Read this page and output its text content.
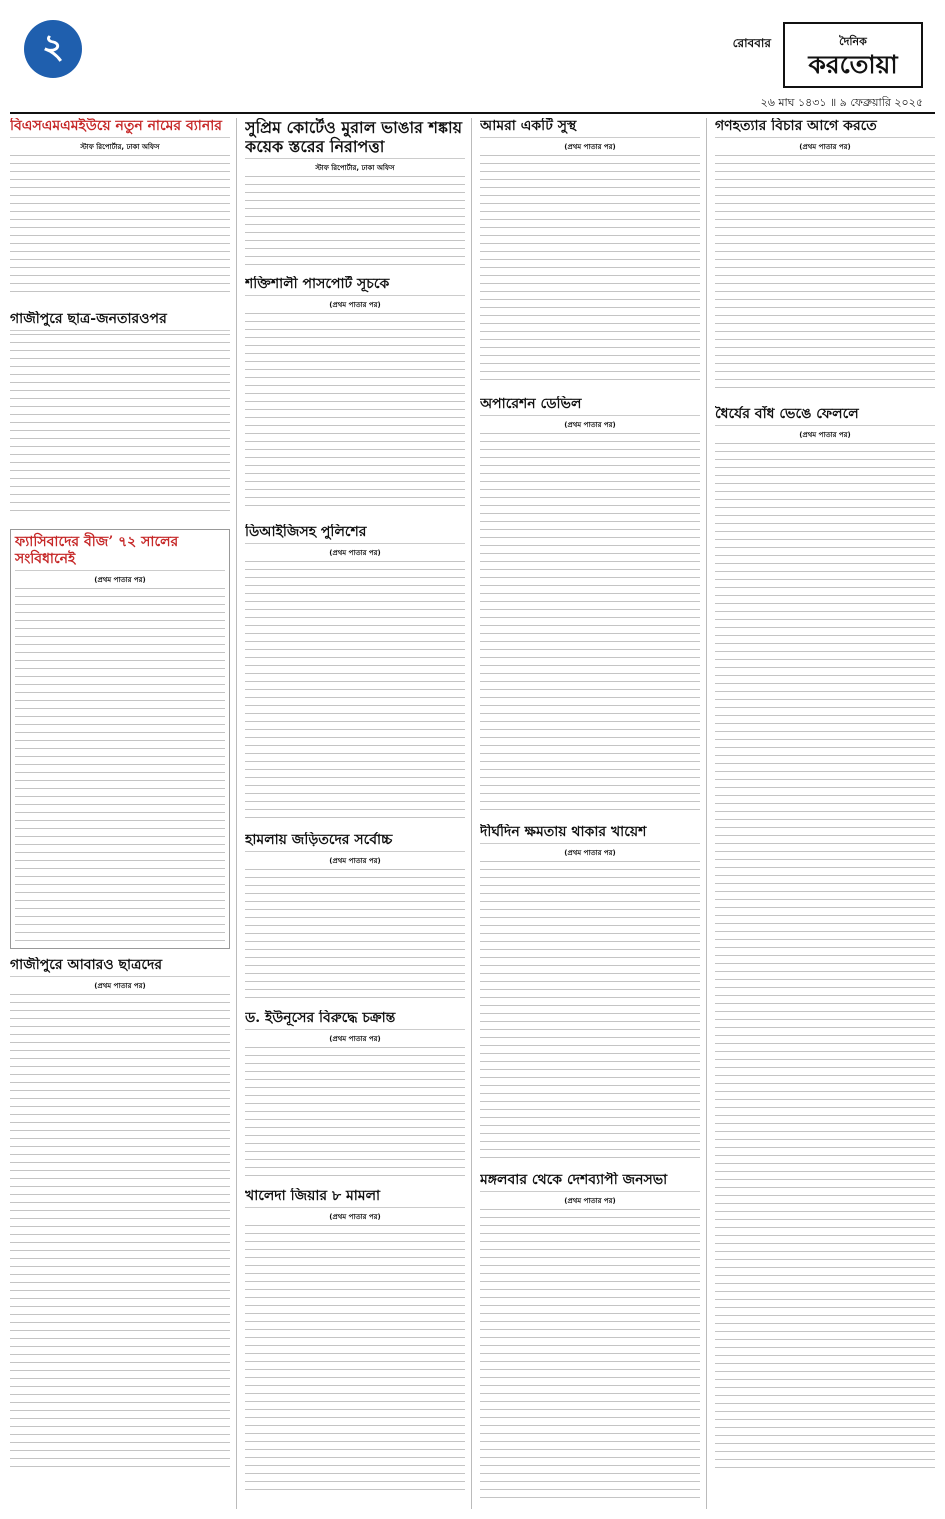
২	রোববার	দৈনিক
করতোয়া
২৬ মাঘ ১৪৩১ ॥ ৯ ফেব্রুয়ারি ২০২৫
বিএসএমএমইউয়ে নতুন নামের ব্যানার
স্টাফ রিপোর্টার, ঢাকা অফিস
গাজীপুরে ছাত্র-জনতারওপর
ফ্যাসিবাদের বীজ’ ৭২ সালের সংবিধানেই
(প্রথম পাতার পর)
গাজীপুরে আবারও ছাত্রদের
(প্রথম পাতার পর)
সুপ্রিম কোর্টেও মুরাল ভাঙার শঙ্কায় কয়েক স্তরের নিরাপত্তা
স্টাফ রিপোর্টার, ঢাকা অফিস
শক্তিশালী পাসপোর্ট সূচকে
(প্রথম পাতার পর)
ডিআইজিসহ পুলিশের
(প্রথম পাতার পর)
হামলায় জড়িতদের সর্বোচ্চ
(প্রথম পাতার পর)
ড. ইউনূসের বিরুদ্ধে চক্রান্ত
(প্রথম পাতার পর)
খালেদা জিয়ার ৮ মামলা
(প্রথম পাতার পর)
আমরা একটি সুস্থ
(প্রথম পাতার পর)
অপারেশন ডেভিল
(প্রথম পাতার পর)
দীর্ঘদিন ক্ষমতায় থাকার খায়েশ
(প্রথম পাতার পর)
মঙ্গলবার থেকে দেশব্যাপী জনসভা
(প্রথম পাতার পর)
গণহত্যার বিচার আগে করতে
(প্রথম পাতার পর)
ধৈর্যের বাঁধ ভেঙে ফেললে
(প্রথম পাতার পর)
